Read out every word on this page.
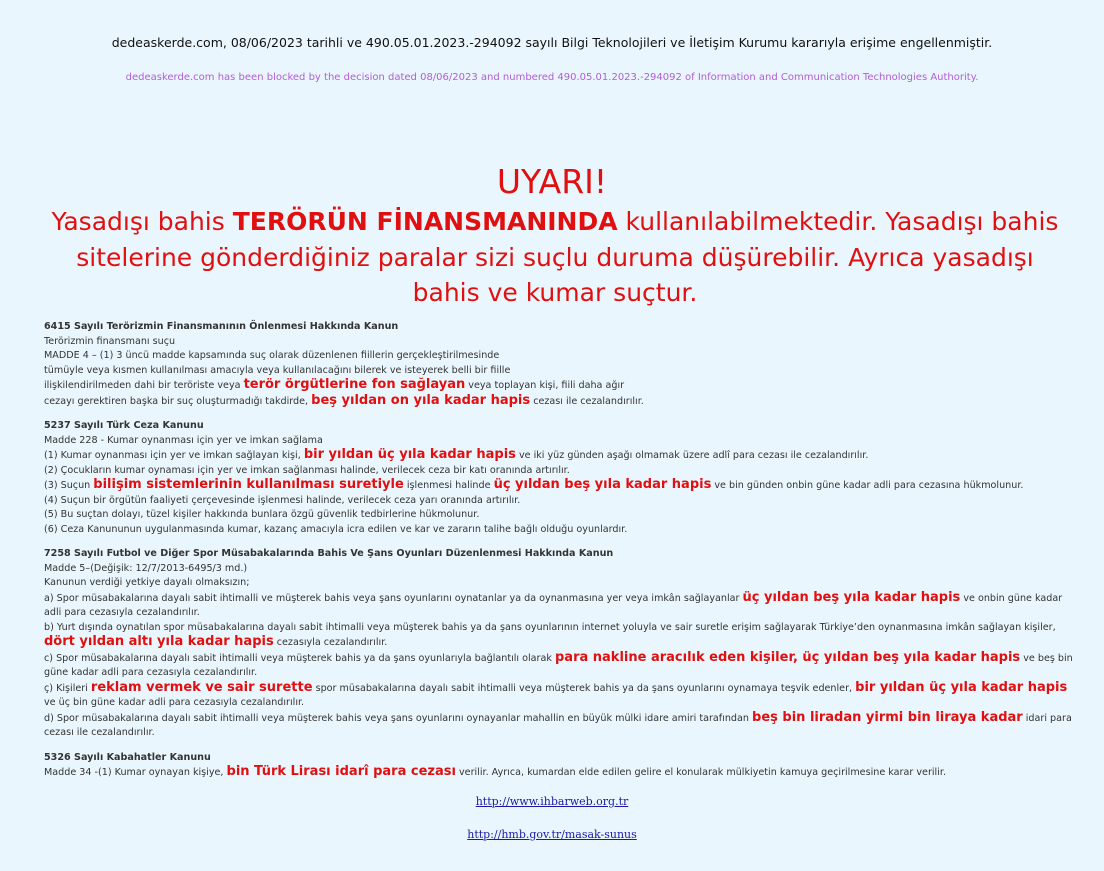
dedeaskerde.com, 08/06/2023 tarihli ve 490.05.01.2023.-294092 sayılı Bilgi Teknolojileri ve İletişim Kurumu kararıyla erişime engellenmiştir.
dedeaskerde.com has been blocked by the decision dated 08/06/2023 and numbered 490.05.01.2023.-294092 of Information and Communication Technologies Authority.
UYARI!
Yasadışı bahis TERÖRÜN FİNANSMANINDA kullanılabilmektedir. Yasadışı bahis sitelerine gönderdiğiniz paralar sizi suçlu duruma düşürebilir. Ayrıca yasadışı bahis ve kumar suçtur.
6415 Sayılı Terörizmin Finansmanının Önlenmesi Hakkında Kanun
Terörizmin finansmanı suçu
MADDE 4 – (1) 3 üncü madde kapsamında suç olarak düzenlenen fiillerin gerçekleştirilmesinde
tümüyle veya kısmen kullanılması amacıyla veya kullanılacağını bilerek ve isteyerek belli bir fiille
ilişkilendirilmeden dahi bir teröriste veya terör örgütlerine fon sağlayan veya toplayan kişi, fiili daha ağır
cezayı gerektiren başka bir suç oluşturmadığı takdirde, beş yıldan on yıla kadar hapis cezası ile cezalandırılır.
5237 Sayılı Türk Ceza Kanunu
Madde 228 - Kumar oynanması için yer ve imkan sağlama
(1) Kumar oynanması için yer ve imkan sağlayan kişi, bir yıldan üç yıla kadar hapis ve iki yüz günden aşağı olmamak üzere adlî para cezası ile cezalandırılır.
(2) Çocukların kumar oynaması için yer ve imkan sağlanması halinde, verilecek ceza bir katı oranında artırılır.
(3) Suçun bilişim sistemlerinin kullanılması suretiyle işlenmesi halinde üç yıldan beş yıla kadar hapis ve bin günden onbin güne kadar adli para cezasına hükmolunur.
(4) Suçun bir örgütün faaliyeti çerçevesinde işlenmesi halinde, verilecek ceza yarı oranında artırılır.
(5) Bu suçtan dolayı, tüzel kişiler hakkında bunlara özgü güvenlik tedbirlerine hükmolunur.
(6) Ceza Kanununun uygulanmasında kumar, kazanç amacıyla icra edilen ve kar ve zararın talihe bağlı olduğu oyunlardır.
7258 Sayılı Futbol ve Diğer Spor Müsabakalarında Bahis Ve Şans Oyunları Düzenlenmesi Hakkında Kanun
Madde 5–(Değişik: 12/7/2013-6495/3 md.)
Kanunun verdiği yetkiye dayalı olmaksızın;
a) Spor müsabakalarına dayalı sabit ihtimalli ve müşterek bahis veya şans oyunlarını oynatanlar ya da oynanmasına yer veya imkân sağlayanlar üç yıldan beş yıla kadar hapis ve onbin güne kadar adli para cezasıyla cezalandırılır.
b) Yurt dışında oynatılan spor müsabakalarına dayalı sabit ihtimalli veya müşterek bahis ya da şans oyunlarının internet yoluyla ve sair suretle erişim sağlayarak Türkiye’den oynanmasına imkân sağlayan kişiler, dört yıldan altı yıla kadar hapis cezasıyla cezalandırılır.
c) Spor müsabakalarına dayalı sabit ihtimalli veya müşterek bahis ya da şans oyunlarıyla bağlantılı olarak para nakline aracılık eden kişiler, üç yıldan beş yıla kadar hapis ve beş bin güne kadar adli para cezasıyla cezalandırılır.
ç) Kişileri reklam vermek ve sair surette spor müsabakalarına dayalı sabit ihtimalli veya müşterek bahis ya da şans oyunlarını oynamaya teşvik edenler, bir yıldan üç yıla kadar hapis ve üç bin güne kadar adli para cezasıyla cezalandırılır.
d) Spor müsabakalarına dayalı sabit ihtimalli veya müşterek bahis veya şans oyunlarını oynayanlar mahallin en büyük mülki idare amiri tarafından beş bin liradan yirmi bin liraya kadar idari para cezası ile cezalandırılır.
5326 Sayılı Kabahatler Kanunu
Madde 34 -(1) Kumar oynayan kişiye, bin Türk Lirası idarî para cezası verilir. Ayrıca, kumardan elde edilen gelire el konularak mülkiyetin kamuya geçirilmesine karar verilir.
http://www.ihbarweb.org.tr
http://hmb.gov.tr/masak-sunus
